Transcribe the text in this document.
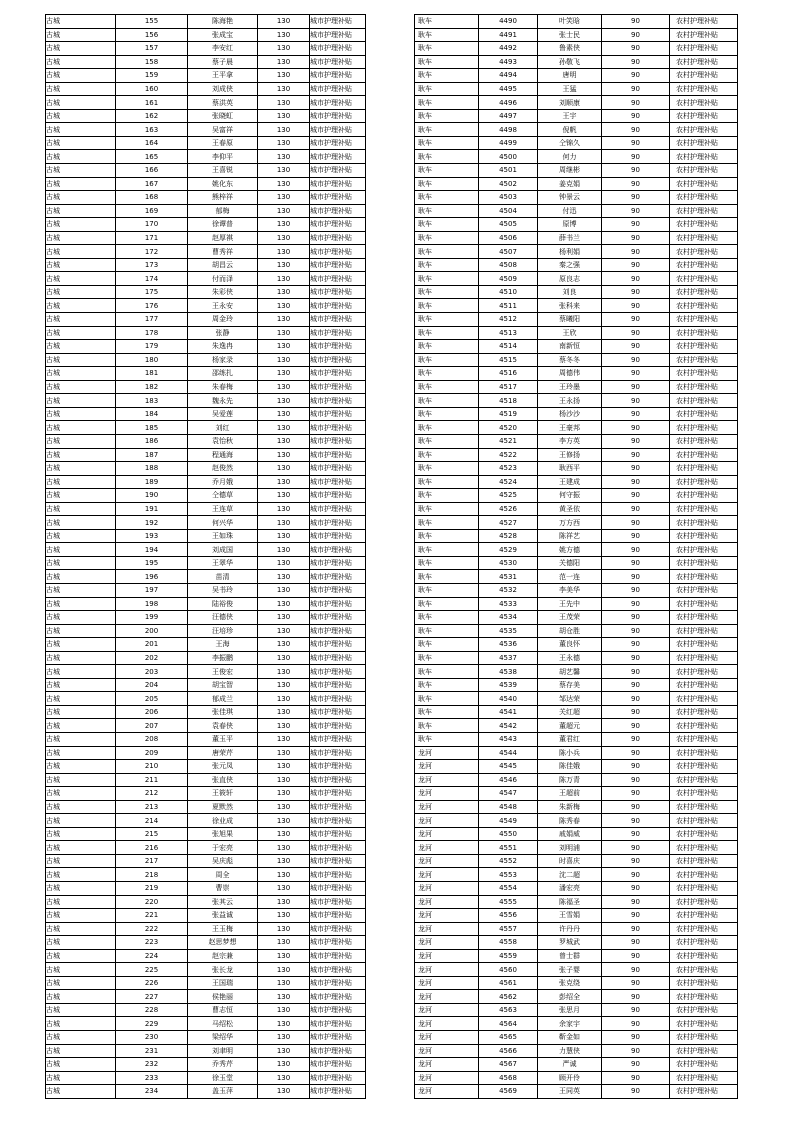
古城	155	陈海艳	130	城市护理补贴
古城	156	张成宝	130	城市护理补贴
古城	157	李安红	130	城市护理补贴
古城	158	蔡子晨	130	城市护理补贴
古城	159	王平拿	130	城市护理补贴
古城	160	刘成侠	130	城市护理补贴
古城	161	蔡洪英	130	城市护理补贴
古城	162	张晓虹	130	城市护理补贴
古城	163	吴富祥	130	城市护理补贴
古城	164	王春原	130	城市护理补贴
古城	165	李仰平	130	城市护理补贴
古城	166	王喜锐	130	城市护理补贴
古城	167	姚化东	130	城市护理补贴
古城	168	熊梓祥	130	城市护理补贴
古城	169	郁梅	130	城市护理补贴
古城	170	徐谭普	130	城市护理补贴
古城	171	赵厚祺	130	城市护理补贴
古城	172	曹秀祥	130	城市护理补贴
古城	173	胡昌云	130	城市护理补贴
古城	174	付而泽	130	城市护理补贴
古城	175	朱彩侠	130	城市护理补贴
古城	176	王永安	130	城市护理补贴
古城	177	周金玲	130	城市护理补贴
古城	178	张静	130	城市护理补贴
古城	179	朱逸冉	130	城市护理补贴
古城	180	杨家录	130	城市护理补贴
古城	181	邵练扎	130	城市护理补贴
古城	182	朱春梅	130	城市护理补贴
古城	183	魏永先	130	城市护理补贴
古城	184	吴爱莲	130	城市护理补贴
古城	185	刘红	130	城市护理补贴
古城	186	袁怡秋	130	城市护理补贴
古城	187	程通海	130	城市护理补贴
古城	188	赵俊然	130	城市护理补贴
古城	189	乔月娥	130	城市护理补贴
古城	190	仝德草	130	城市护理补贴
古城	191	王连草	130	城市护理补贴
古城	192	何兴华	130	城市护理补贴
古城	193	王如珠	130	城市护理补贴
古城	194	刘成国	130	城市护理补贴
古城	195	王翠华	130	城市护理补贴
古城	196	苗清	130	城市护理补贴
古城	197	吴书玲	130	城市护理补贴
古城	198	陆裕俊	130	城市护理补贴
古城	199	汪德侠	130	城市护理补贴
古城	200	汪培珍	130	城市护理补贴
古城	201	王海	130	城市护理补贴
古城	202	李振鹏	130	城市护理补贴
古城	203	王俊宏	130	城市护理补贴
古城	204	胡宝智	130	城市护理补贴
古城	205	郁成兰	130	城市护理补贴
古城	206	张佳琪	130	城市护理补贴
古城	207	袁春侠	130	城市护理补贴
古城	208	董玉平	130	城市护理补贴
古城	209	唐荣芹	130	城市护理补贴
古城	210	张元凤	130	城市护理补贴
古城	211	张直侠	130	城市护理补贴
古城	212	王筱轩	130	城市护理补贴
古城	213	夏默然	130	城市护理补贴
古城	214	徐业成	130	城市护理补贴
古城	215	张旭果	130	城市护理补贴
古城	216	于宏亮	130	城市护理补贴
古城	217	吴庆彪	130	城市护理补贴
古城	218	周全	130	城市护理补贴
古城	219	曹崇	130	城市护理补贴
古城	220	张其云	130	城市护理补贴
古城	221	张益诚	130	城市护理补贴
古城	222	王玉梅	130	城市护理补贴
古城	223	赵思梦想	130	城市护理补贴
古城	224	赵宗兼	130	城市护理补贴
古城	225	张长龙	130	城市护理补贴
古城	226	王国瑞	130	城市护理补贴
古城	227	侯艳丽	130	城市护理补贴
古城	228	曹志恒	130	城市护理补贴
古城	229	马绍松	130	城市护理补贴
古城	230	梁绍华	130	城市护理补贴
古城	231	刘聿明	130	城市护理补贴
古城	232	乔秀芹	130	城市护理补贴
古城	233	徐玉堂	130	城市护理补贴
古城	234	盖玉萍	130	城市护理补贴
耿车	4490	叶笑晗	90	农村护理补贴
耿车	4491	张士民	90	农村护理补贴
耿车	4492	鲁素侠	90	农村护理补贴
耿车	4493	孙敬飞	90	农村护理补贴
耿车	4494	唐明	90	农村护理补贴
耿车	4495	王猛	90	农村护理补贴
耿车	4496	刘顺康	90	农村护理补贴
耿车	4497	王宇	90	农村护理补贴
耿车	4498	倪帆	90	农村护理补贴
耿车	4499	仝锦久	90	农村护理补贴
耿车	4500	何力	90	农村护理补贴
耿车	4501	周继彬	90	农村护理补贴
耿车	4502	姜克娟	90	农村护理补贴
耿车	4503	钟景云	90	农村护理补贴
耿车	4504	付迅	90	农村护理补贴
耿车	4505	原博	90	农村护理补贴
耿车	4506	薛书兰	90	农村护理补贴
耿车	4507	杨利娟	90	农村护理补贴
耿车	4508	秦之强	90	农村护理补贴
耿车	4509	原良志	90	农村护理补贴
耿车	4510	刘良	90	农村护理补贴
耿车	4511	张科来	90	农村护理补贴
耿车	4512	蔡曦阳	90	农村护理补贴
耿车	4513	王欣	90	农村护理补贴
耿车	4514	南新恒	90	农村护理补贴
耿车	4515	蔡冬冬	90	农村护理补贴
耿车	4516	周德伟	90	农村护理补贴
耿车	4517	王玲墨	90	农村护理补贴
耿车	4518	王永扬	90	农村护理补贴
耿车	4519	杨沙沙	90	农村护理补贴
耿车	4520	王豪邦	90	农村护理补贴
耿车	4521	李方英	90	农村护理补贴
耿车	4522	王修扬	90	农村护理补贴
耿车	4523	耿西平	90	农村护理补贴
耿车	4524	王建成	90	农村护理补贴
耿车	4525	何守振	90	农村护理补贴
耿车	4526	黄圣依	90	农村护理补贴
耿车	4527	万方西	90	农村护理补贴
耿车	4528	陈祥艺	90	农村护理补贴
耿车	4529	姚方德	90	农村护理补贴
耿车	4530	关德阳	90	农村护理补贴
耿车	4531	范一连	90	农村护理补贴
耿车	4532	李美华	90	农村护理补贴
耿车	4533	王先中	90	农村护理补贴
耿车	4534	王茂荣	90	农村护理补贴
耿车	4535	胡仓胜	90	农村护理补贴
耿车	4536	董良怀	90	农村护理补贴
耿车	4537	王永德	90	农村护理补贴
耿车	4538	胡艺馨	90	农村护理补贴
耿车	4539	蔡存美	90	农村护理补贴
耿车	4540	邹达荣	90	农村护理补贴
耿车	4541	关红超	90	农村护理补贴
耿车	4542	董超元	90	农村护理补贴
耿车	4543	董君红	90	农村护理补贴
龙河	4544	陈小兵	90	农村护理补贴
龙河	4545	陈佳娥	90	农村护理补贴
龙河	4546	陈万青	90	农村护理补贴
龙河	4547	王超前	90	农村护理补贴
龙河	4548	朱新梅	90	农村护理补贴
龙河	4549	陈秀春	90	农村护理补贴
龙河	4550	戚娟威	90	农村护理补贴
龙河	4551	刘明浦	90	农村护理补贴
龙河	4552	时喜庆	90	农村护理补贴
龙河	4553	沈二超	90	农村护理补贴
龙河	4554	潘宏亮	90	农村护理补贴
龙河	4555	陈福圣	90	农村护理补贴
龙河	4556	王雪娟	90	农村护理补贴
龙河	4557	许丹丹	90	农村护理补贴
龙河	4558	罗城武	90	农村护理补贴
龙河	4559	曾士群	90	农村护理补贴
龙河	4560	张子婴	90	农村护理补贴
龙河	4561	张克绕	90	农村护理补贴
龙河	4562	彭绍全	90	农村护理补贴
龙河	4563	张思月	90	农村护理补贴
龙河	4564	余家宇	90	农村护理补贴
龙河	4565	靳金如	90	农村护理补贴
龙河	4566	力慧侠	90	农村护理补贴
龙河	4567	严诚	90	农村护理补贴
龙河	4568	顾开伶	90	农村护理补贴
龙河	4569	王同英	90	农村护理补贴
